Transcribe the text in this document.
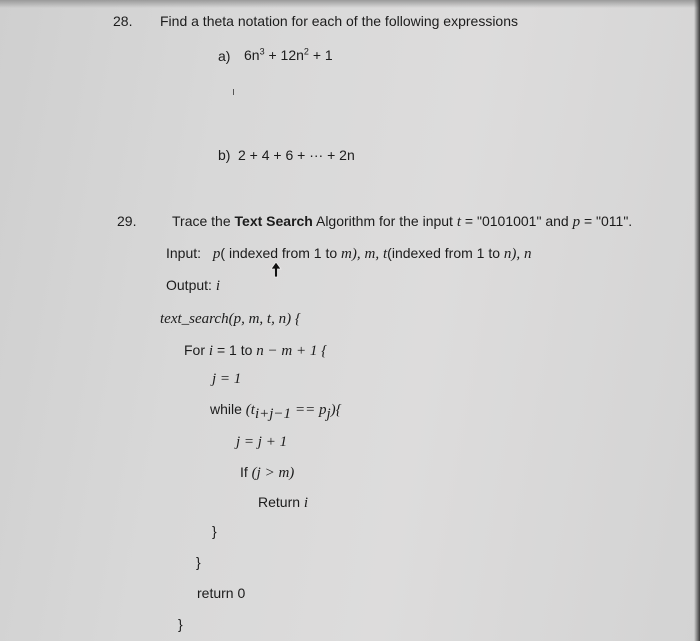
28. Find a theta notation for each of the following expressions
a) $6n^3 + 12n^2 + 1$
b) 2 + 4 + 6 + ··· + 2n
29.	Trace the Text Search Algorithm for the input t = "0101001" and p = "011".
Input: p( indexed from 1 to m), m, t(indexed from 1 to n), n
Output: i
text_search(p, m, t, n) {
For i = 1 to n − m + 1 {
j = 1
while $(t_{i+j-1} == p_j)${
j = j + 1
If (j > m)
Return i
}
}
return 0
}
